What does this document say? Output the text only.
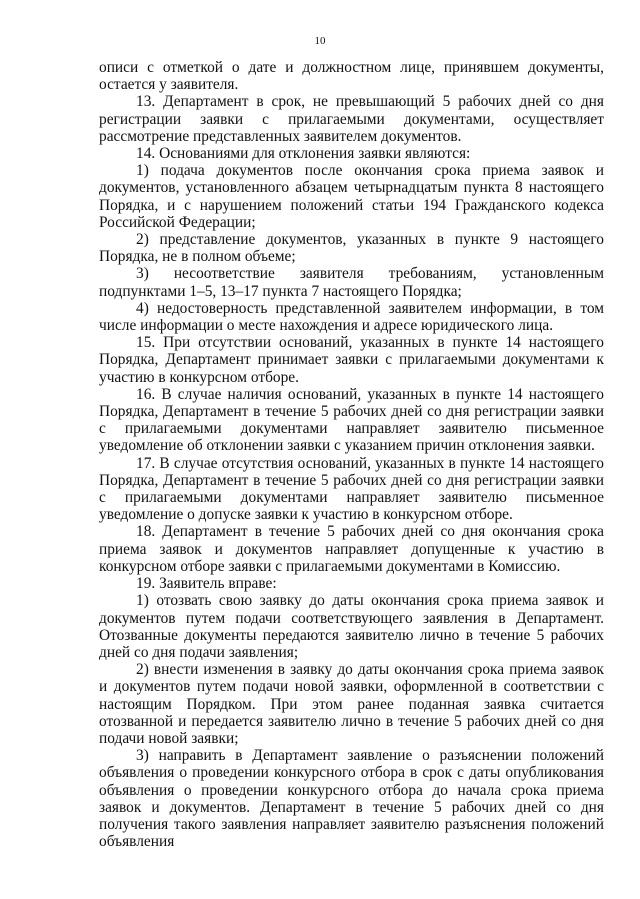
10

описи с отметкой о дате и должностном лице, принявшем документы, остается у заявителя.

13. Департамент в срок, не превышающий 5 рабочих дней со дня регистрации заявки с прилагаемыми документами, осуществляет рассмотрение представленных заявителем документов.

14. Основаниями для отклонения заявки являются:

1) подача документов после окончания срока приема заявок и документов, установленного абзацем четырнадцатым пункта 8 настоящего Порядка, и с нарушением положений статьи 194 Гражданского кодекса Российской Федерации;

2) представление документов, указанных в пункте 9 настоящего Порядка, не в полном объеме;

3) несоответствие заявителя требованиям, установленным подпунктами 1–5, 13–17 пункта 7 настоящего Порядка;

4) недостоверность представленной заявителем информации, в том числе информации о месте нахождения и адресе юридического лица.

15. При отсутствии оснований, указанных в пункте 14 настоящего Порядка, Департамент принимает заявки с прилагаемыми документами к участию в конкурсном отборе.

16. В случае наличия оснований, указанных в пункте 14 настоящего Порядка, Департамент в течение 5 рабочих дней со дня регистрации заявки с прилагаемыми документами направляет заявителю письменное уведомление об отклонении заявки с указанием причин отклонения заявки.

17. В случае отсутствия оснований, указанных в пункте 14 настоящего Порядка, Департамент в течение 5 рабочих дней со дня регистрации заявки с прилагаемыми документами направляет заявителю письменное уведомление о допуске заявки к участию в конкурсном отборе.

18. Департамент в течение 5 рабочих дней со дня окончания срока приема заявок и документов направляет допущенные к участию в конкурсном отборе заявки с прилагаемыми документами в Комиссию.

19. Заявитель вправе:

1) отозвать свою заявку до даты окончания срока приема заявок и документов путем подачи соответствующего заявления в Департамент. Отозванные документы передаются заявителю лично в течение 5 рабочих дней со дня подачи заявления;

2) внести изменения в заявку до даты окончания срока приема заявок и документов путем подачи новой заявки, оформленной в соответствии с настоящим Порядком. При этом ранее поданная заявка считается отозванной и передается заявителю лично в течение 5 рабочих дней со дня подачи новой заявки;

3) направить в Департамент заявление о разъяснении положений объявления о проведении конкурсного отбора в срок с даты опубликования объявления о проведении конкурсного отбора до начала срока приема заявок и документов. Департамент в течение 5 рабочих дней со дня получения такого заявления направляет заявителю разъяснения положений объявления
